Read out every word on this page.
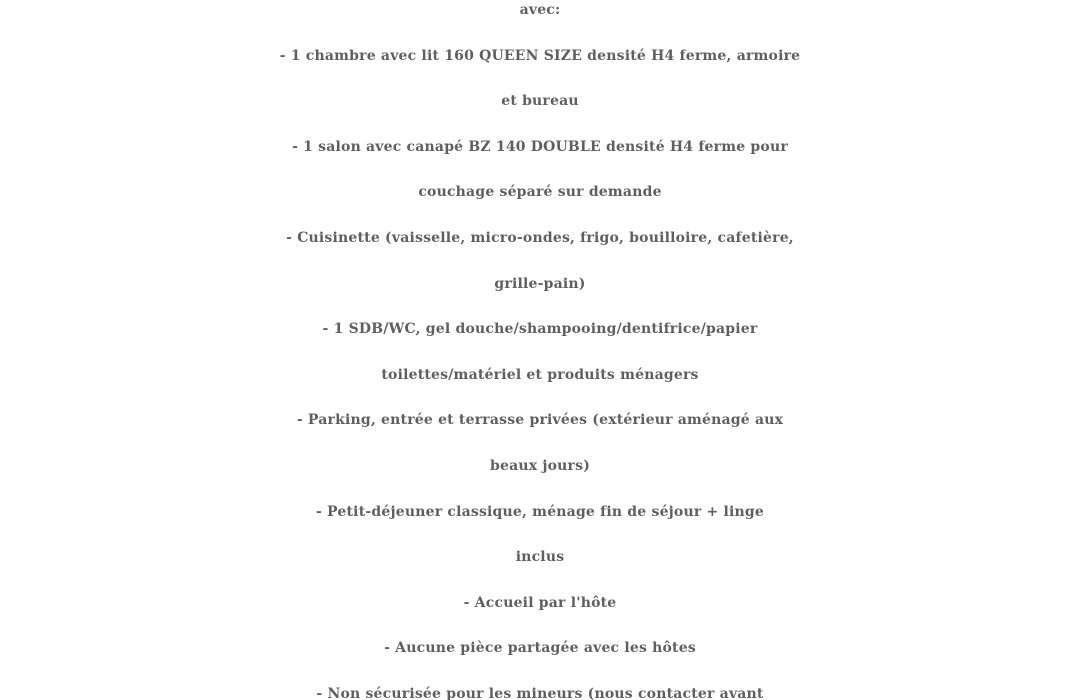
avec:
- 1 chambre avec lit 160 QUEEN SIZE densité H4 ferme, armoire
et bureau
- 1 salon avec canapé BZ 140 DOUBLE densité H4 ferme pour
couchage séparé sur demande
- Cuisinette (vaisselle, micro-ondes, frigo, bouilloire, cafetière,
grille-pain)
- 1 SDB/WC, gel douche/shampooing/dentifrice/papier
toilettes/matériel et produits ménagers
- Parking, entrée et terrasse privées (extérieur aménagé aux
beaux jours)
- Petit-déjeuner classique, ménage fin de séjour + linge
inclus
- Accueil par l'hôte
- Aucune pièce partagée avec les hôtes
- Non sécurisée pour les mineurs (nous contacter avant
